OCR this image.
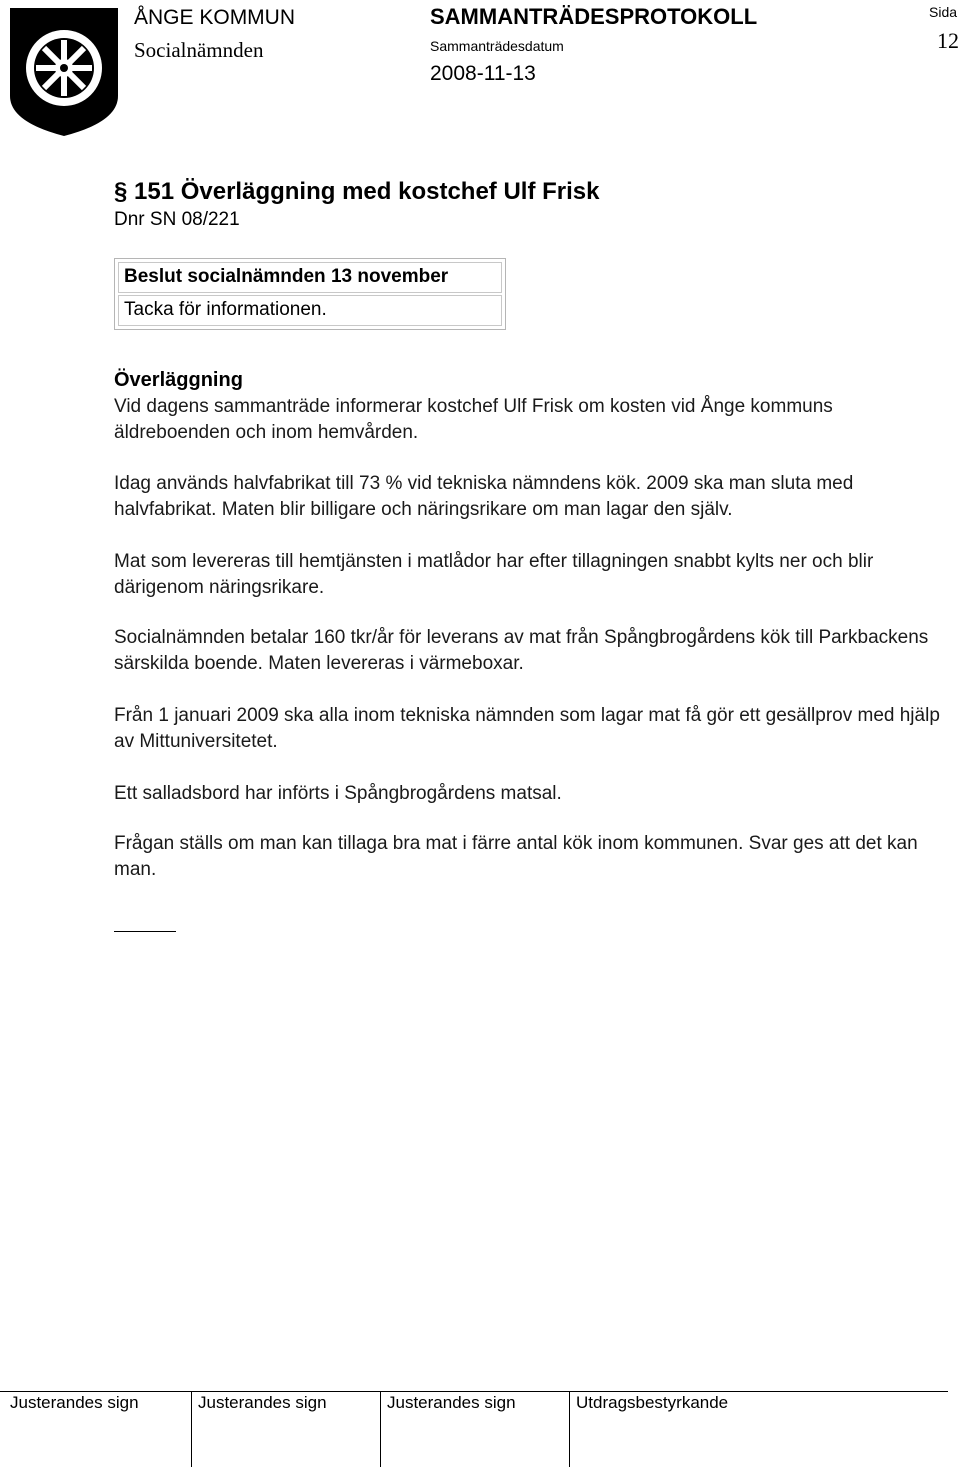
ÅNGE KOMMUN
Socialnämnden
SAMMANTRÄDESPROTOKOLL
Sammanträdesdatum
2008-11-13
Sida
12
§ 151 Överläggning med kostchef Ulf Frisk
Dnr SN 08/221
Beslut socialnämnden 13 november
Tacka för informationen.
Överläggning
Vid dagens sammanträde informerar kostchef Ulf Frisk om kosten vid Ånge kommuns äldreboenden och inom hemvården.
Idag används halvfabrikat till 73 % vid tekniska nämndens kök. 2009 ska man sluta med halvfabrikat. Maten blir billigare och näringsrikare om man lagar den själv.
Mat som levereras till hemtjänsten i matlådor har efter tillagningen snabbt kylts ner och blir därigenom näringsrikare.
Socialnämnden betalar 160 tkr/år för leverans av mat från Spångbrogårdens kök till Parkbackens särskilda boende. Maten levereras i värmeboxar.
Från 1 januari 2009 ska alla inom tekniska nämnden som lagar mat få gör ett gesällprov med hjälp av Mittuniversitetet.
Ett salladsbord har införts i Spångbrogårdens matsal.
Frågan ställs om man kan tillaga bra mat i färre antal kök inom kommunen. Svar ges att det kan man.
Justerandes sign	Justerandes sign	Justerandes sign	Utdragsbestyrkande
